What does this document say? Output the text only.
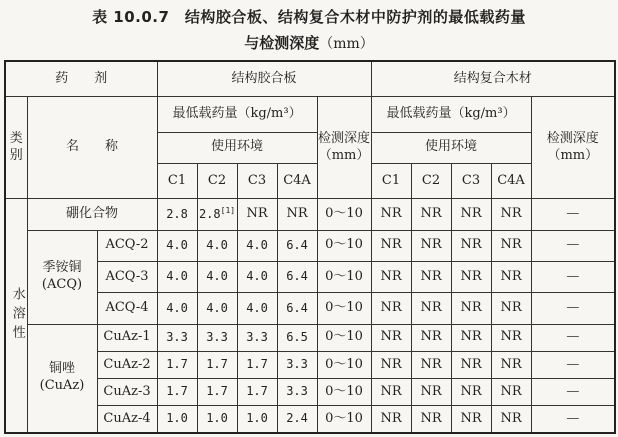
表 10.0.7　结构胶合板、结构复合木材中防护剂的最低载药量
与检测深度（mm）
药　　剂			结构胶合板					结构复合木材				
类别	名　　称		最低载药量（kg/m³）				检测深度（mm）	最低载药量（kg/m³）				检测深度（mm）
			使用环境					使用环境				
			C1	C2	C3	C4A		C1	C2	C3	C4A	
水溶性	硼化合物		2.8	2.8[1]	NR	NR	0～10	NR	NR	NR	NR	—
	季铵铜(ACQ)	ACQ-2	4.0	4.0	4.0	6.4	0～10	NR	NR	NR	NR	—
		ACQ-3	4.0	4.0	4.0	6.4	0～10	NR	NR	NR	NR	—
		ACQ-4	4.0	4.0	4.0	6.4	0～10	NR	NR	NR	NR	—
	铜唑(CuAz)	CuAz-1	3.3	3.3	3.3	6.5	0～10	NR	NR	NR	NR	—
		CuAz-2	1.7	1.7	1.7	3.3	0～10	NR	NR	NR	NR	—
		CuAz-3	1.7	1.7	1.7	3.3	0～10	NR	NR	NR	NR	—
		CuAz-4	1.0	1.0	1.0	2.4	0～10	NR	NR	NR	NR	—
